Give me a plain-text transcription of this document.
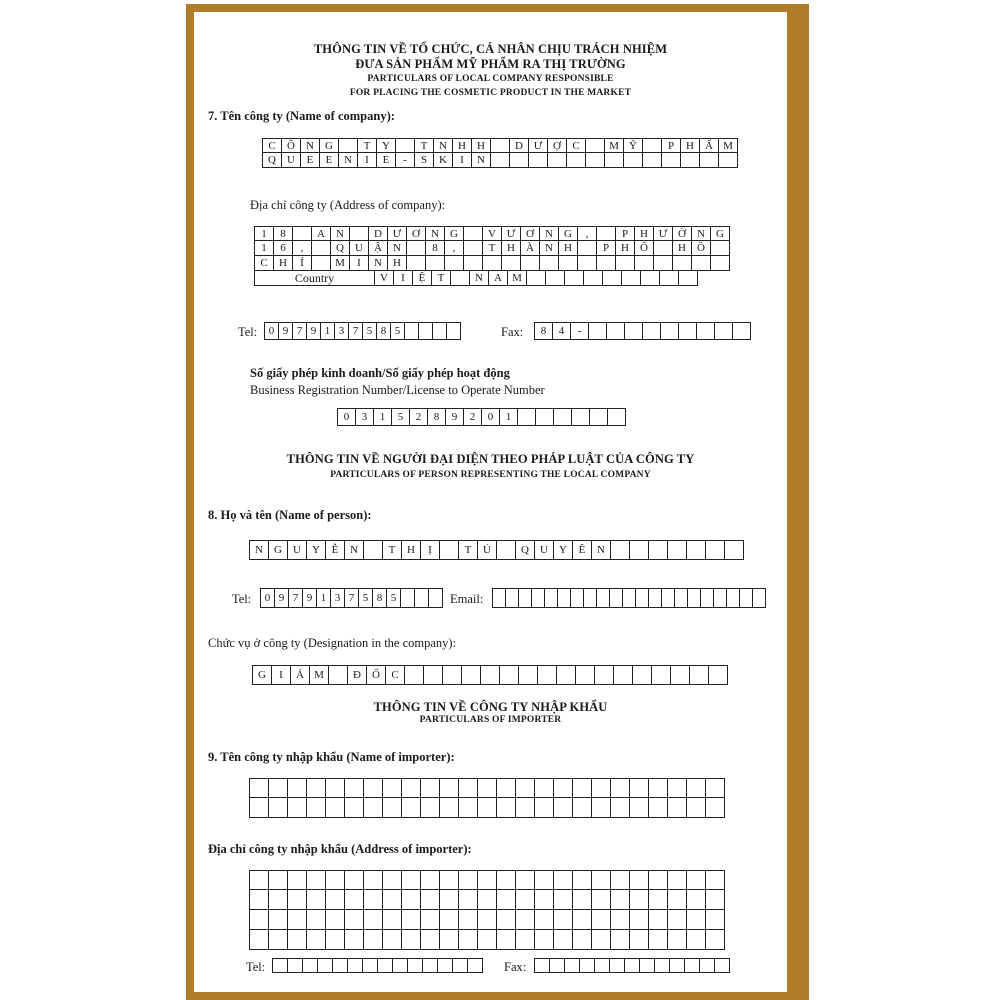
THÔNG TIN VỀ TỔ CHỨC, CÁ NHÂN CHỊU TRÁCH NHIỆM
ĐƯA SẢN PHẨM MỸ PHẨM RA THỊ TRƯỜNG
PARTICULARS OF LOCAL COMPANY RESPONSIBLE
FOR PLACING THE COSMETIC PRODUCT IN THE MARKET
7. Tên công ty (Name of company):
C	Ô	N	G	T	Y	T	N	H	H	D Ư Ợ	C	M Ỹ	P	H	Ẩ M
Q	U	E	E	N	I	E	-	S	K	I	N
Địa chỉ công ty (Address of company):
1	8	A	N	D Ư Ơ	N	G	V Ư Ơ	N	G	,	P	H Ư Ờ	N	G
1	6	,	Q	U	Ậ	N	8	,	T	H	À	N	H	P	H	Ố	H	Ồ
C	H	Í	M	I	N	H
Country	V	I	Ệ	T	N	A M
Tel:	0 9 7 9 1 3 7 5 8 5	Fax:	8	4	-
Số giấy phép kinh doanh/Số giấy phép hoạt động
Business Registration Number/License to Operate Number
0	3	1	5	2	8	9	2	0	1
THÔNG TIN VỀ NGƯỜI ĐẠI DIỆN THEO PHÁP LUẬT CỦA CÔNG TY
PARTICULARS OF PERSON REPRESENTING THE LOCAL COMPANY
8. Họ và tên (Name of person):
N	G	U	Y	Ễ	N	T	H	Ị	T	Ú	Q	U	Y	Ê	N
Tel:	0 9 7 9 1 3 7 5 8 5	Email:
Chức vụ ở công ty (Designation in the company):
G	I	Á M	Đ	Ố	C
THÔNG TIN VỀ CÔNG TY NHẬP KHẨU
PARTICULARS OF IMPORTER
9. Tên công ty nhập khẩu (Name of importer):
Địa chỉ công ty nhập khẩu (Address of importer):
Tel:	Fax:
